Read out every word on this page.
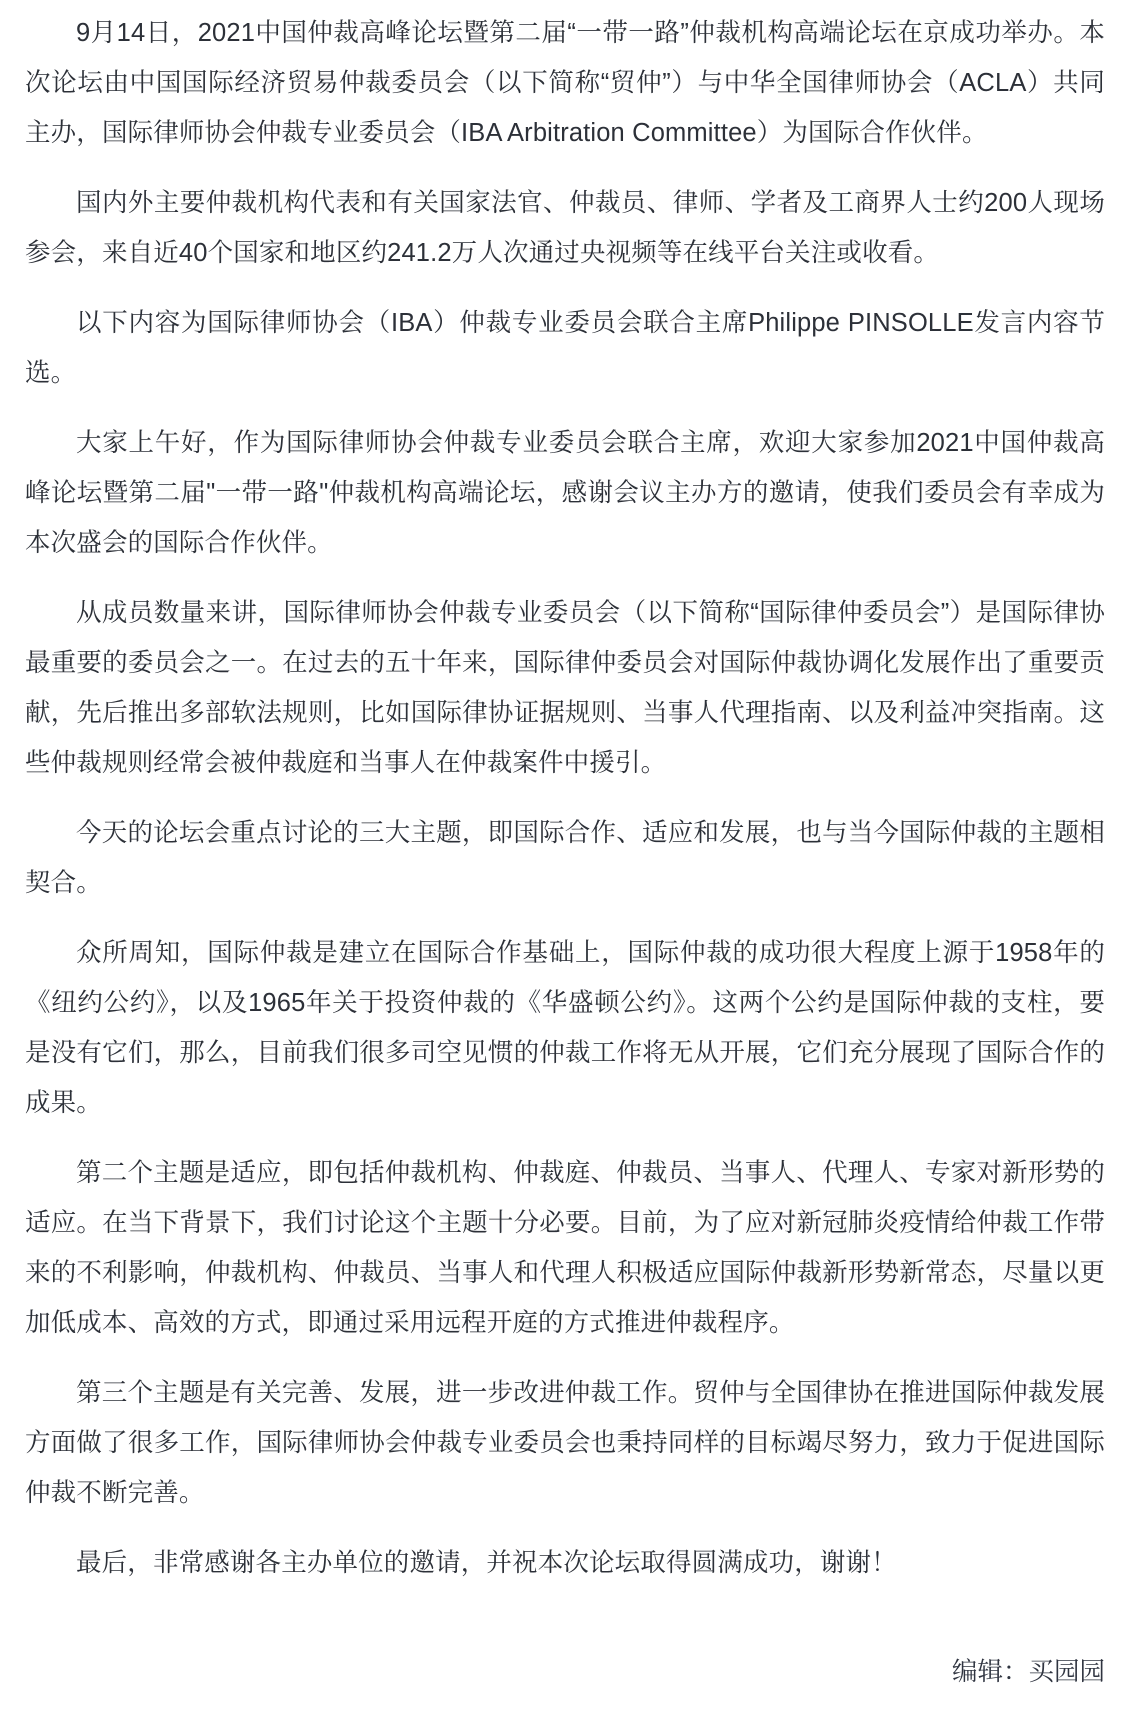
9月14日，2021中国仲裁高峰论坛暨第二届“一带一路”仲裁机构高端论坛在京成功举办。本次论坛由中国国际经济贸易仲裁委员会（以下简称“贸仲”）与中华全国律师协会（ACLA）共同主办，国际律师协会仲裁专业委员会（IBA Arbitration Committee）为国际合作伙伴。

国内外主要仲裁机构代表和有关国家法官、仲裁员、律师、学者及工商界人士约200人现场参会，来自近40个国家和地区约241.2万人次通过央视频等在线平台关注或收看。

以下内容为国际律师协会（IBA）仲裁专业委员会联合主席Philippe PINSOLLE发言内容节选。

大家上午好，作为国际律师协会仲裁专业委员会联合主席，欢迎大家参加2021中国仲裁高峰论坛暨第二届"一带一路"仲裁机构高端论坛，感谢会议主办方的邀请，使我们委员会有幸成为本次盛会的国际合作伙伴。

从成员数量来讲，国际律师协会仲裁专业委员会（以下简称“国际律仲委员会”）是国际律协最重要的委员会之一。在过去的五十年来，国际律仲委员会对国际仲裁协调化发展作出了重要贡献，先后推出多部软法规则，比如国际律协证据规则、当事人代理指南、以及利益冲突指南。这些仲裁规则经常会被仲裁庭和当事人在仲裁案件中援引。

今天的论坛会重点讨论的三大主题，即国际合作、适应和发展，也与当今国际仲裁的主题相契合。

众所周知，国际仲裁是建立在国际合作基础上，国际仲裁的成功很大程度上源于1958年的《纽约公约》，以及1965年关于投资仲裁的《华盛顿公约》。这两个公约是国际仲裁的支柱，要是没有它们，那么，目前我们很多司空见惯的仲裁工作将无从开展，它们充分展现了国际合作的成果。

第二个主题是适应，即包括仲裁机构、仲裁庭、仲裁员、当事人、代理人、专家对新形势的适应。在当下背景下，我们讨论这个主题十分必要。目前，为了应对新冠肺炎疫情给仲裁工作带来的不利影响，仲裁机构、仲裁员、当事人和代理人积极适应国际仲裁新形势新常态，尽量以更加低成本、高效的方式，即通过采用远程开庭的方式推进仲裁程序。

第三个主题是有关完善、发展，进一步改进仲裁工作。贸仲与全国律协在推进国际仲裁发展方面做了很多工作，国际律师协会仲裁专业委员会也秉持同样的目标竭尽努力，致力于促进国际仲裁不断完善。

最后，非常感谢各主办单位的邀请，并祝本次论坛取得圆满成功，谢谢！

编辑：买园园
